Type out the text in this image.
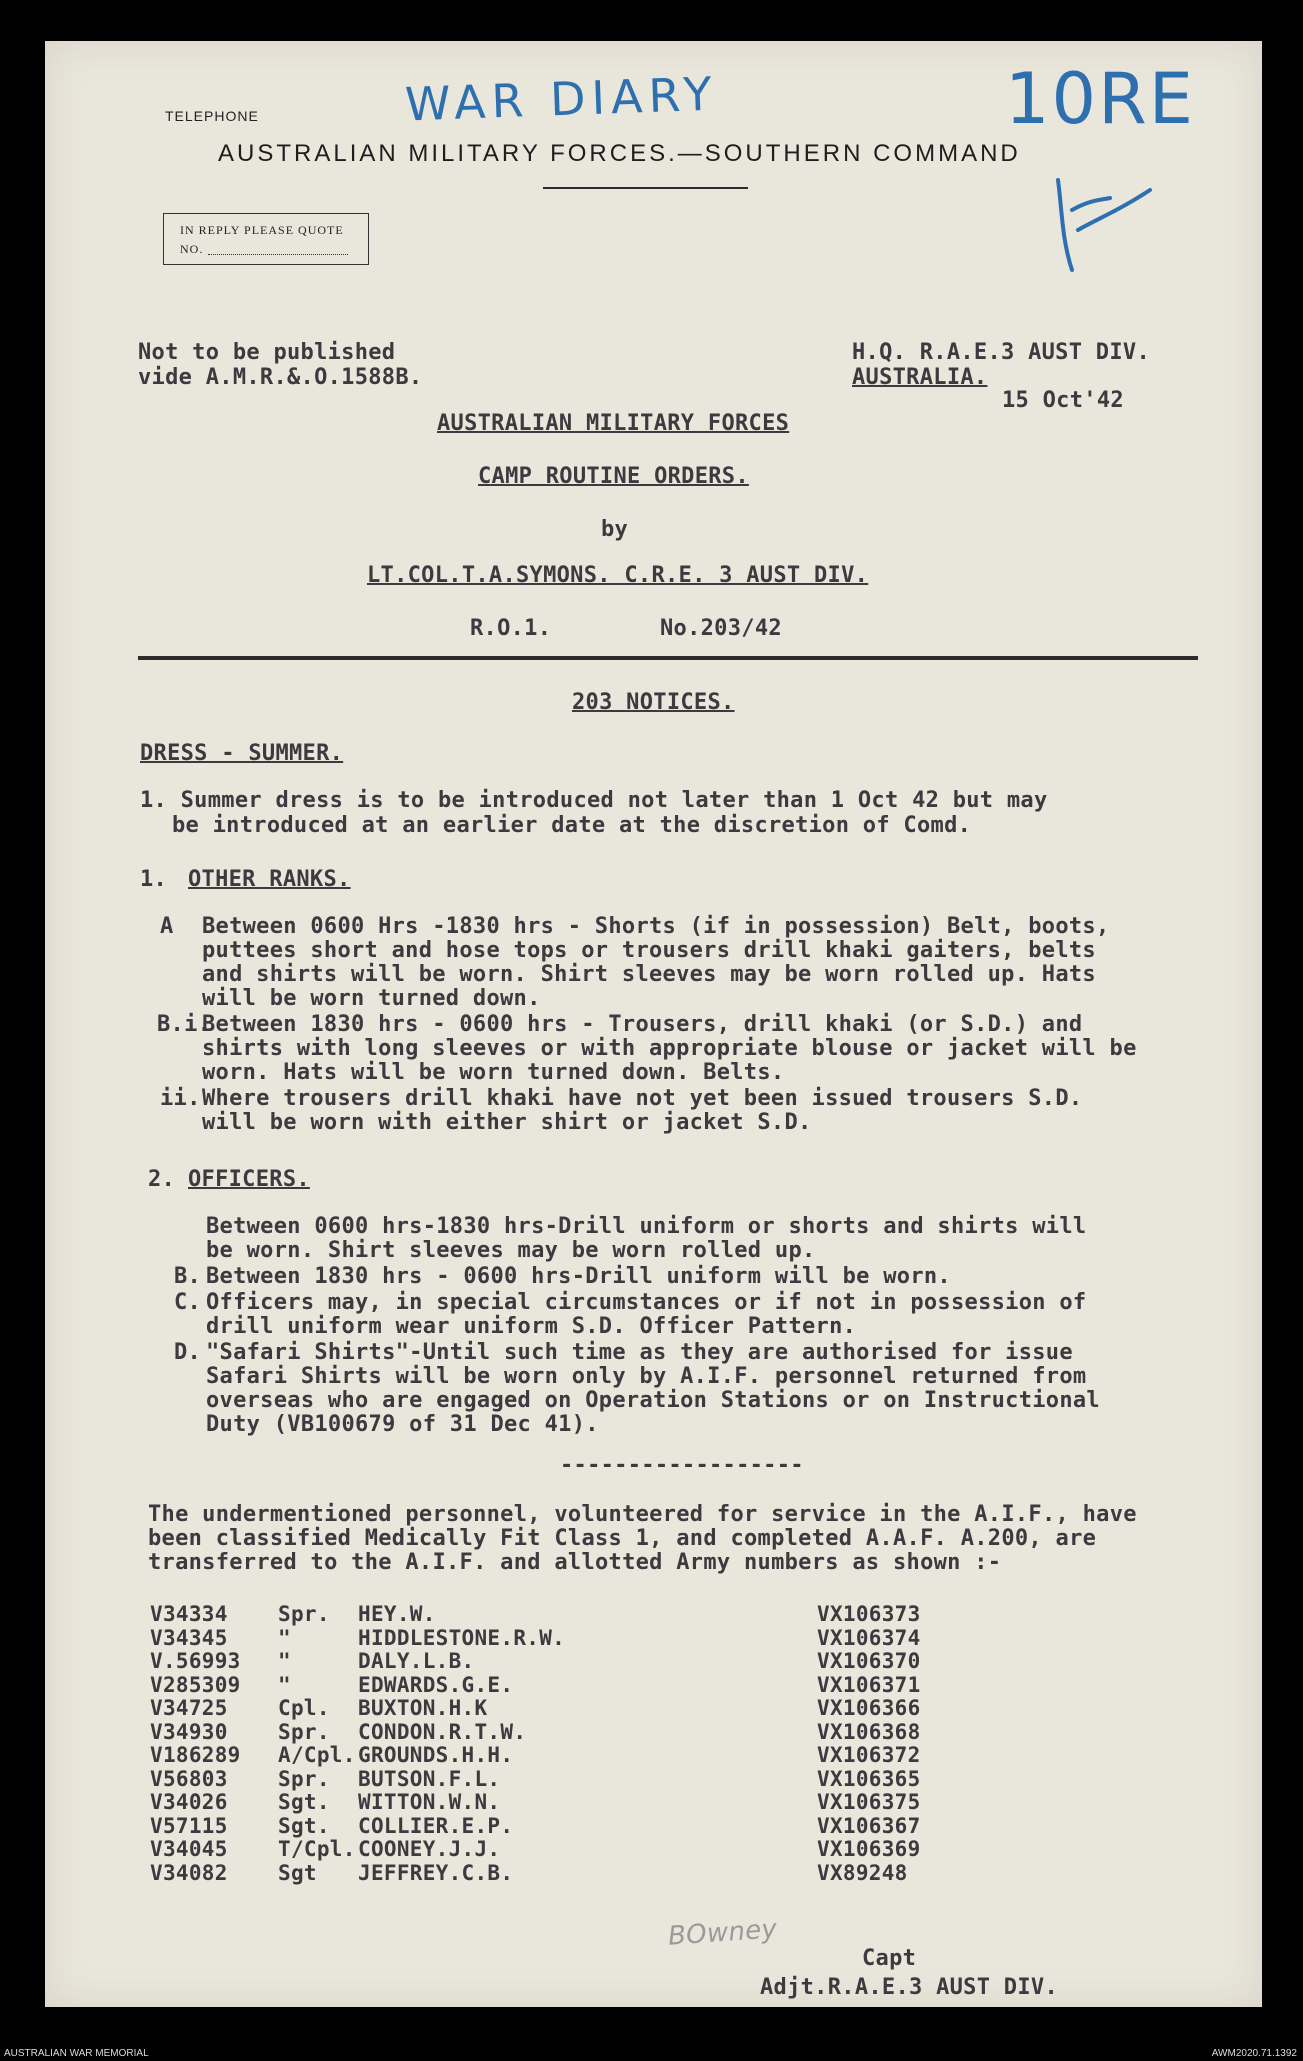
TELEPHONE	WAR DIARY	10RE
AUSTRALIAN MILITARY FORCES.—SOUTHERN COMMAND
IN REPLY PLEASE QUOTE
NO.
Not to be published
vide A.M.R.&.O.1588B.
H.Q. R.A.E.3 AUST DIV.
AUSTRALIA.
15 Oct'42
AUSTRALIAN MILITARY FORCES
CAMP ROUTINE ORDERS.
by
LT.COL.T.A.SYMONS. C.R.E. 3 AUST DIV.
R.O.1.	No.203/42
203 NOTICES.
DRESS - SUMMER.
1. Summer dress is to be introduced not later than 1 Oct 42 but may
be introduced at an earlier date at the discretion of Comd.
1. OTHER RANKS.
A Between 0600 Hrs -1830 hrs - Shorts (if in possession) Belt, boots,
puttees short and hose tops or trousers drill khaki gaiters, belts
and shirts will be worn. Shirt sleeves may be worn rolled up. Hats
will be worn turned down.
B.i.
Between 1830 hrs - 0600 hrs - Trousers, drill khaki (or S.D.) and
shirts with long sleeves or with appropriate blouse or jacket will be
worn. Hats will be worn turned down. Belts.
ii. Where trousers drill khaki have not yet been issued trousers S.D.
will be worn with either shirt or jacket S.D.
2. OFFICERS.
Between 0600 hrs-1830 hrs-Drill uniform or shorts and shirts will
be worn. Shirt sleeves may be worn rolled up.
B. Between 1830 hrs - 0600 hrs-Drill uniform will be worn.
C. Officers may, in special circumstances or if not in possession of
drill uniform wear uniform S.D. Officer Pattern.
D. "Safari Shirts"-Until such time as they are authorised for issue
Safari Shirts will be worn only by A.I.F. personnel returned from
overseas who are engaged on Operation Stations or on Instructional
Duty (VB100679 of 31 Dec 41).
------------------
The undermentioned personnel, volunteered for service in the A.I.F., have
been classified Medically Fit Class 1, and completed A.A.F. A.200, are
transferred to the A.I.F. and allotted Army numbers as shown :-
V34334 Spr. HEY.W.	VX106373
V34345 "	HIDDLESTONE.R.W.	VX106374
V.56993 "	DALY.L.B.	VX106370
V285309 "	EDWARDS.G.E.	VX106371
V34725 Cpl. BUXTON.H.K	VX106366
V34930 Spr. CONDON.R.T.W.	VX106368
V186289 A/Cpl. GROUNDS.H.H.	VX106372
V56803 Spr. BUTSON.F.L.	VX106365
V34026 Sgt. WITTON.W.N.	VX106375
V57115 Sgt. COLLIER.E.P.	VX106367
V34045 T/Cpl. COONEY.J.J.	VX106369
V34082 Sgt JEFFREY.C.B.	VX89248
BOwney
Capt
Adjt.R.A.E.3 AUST DIV.
AUSTRALIAN WAR MEMORIAL	AWM2020.71.1392
